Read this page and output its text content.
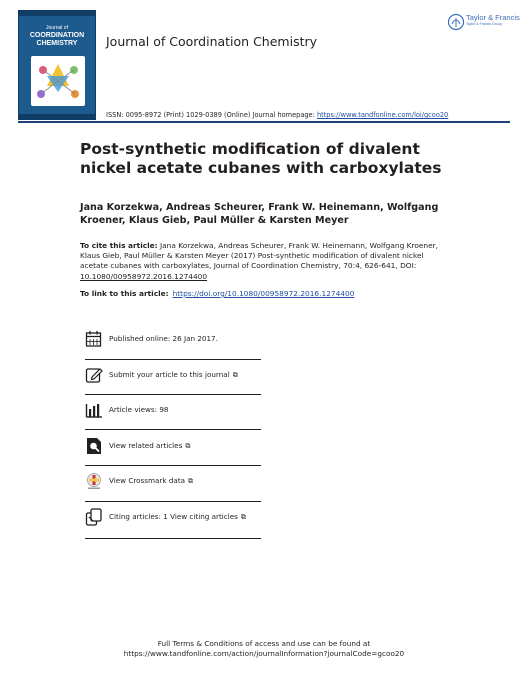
Journal of
COORDINATION
CHEMISTRY	Journal of Coordination Chemistry
Taylor & Francis
Taylor & Francis Group
ISSN: 0095-8972 (Print) 1029-0389 (Online) Journal homepage: https://www.tandfonline.com/loi/gcoo20
Post-synthetic modification of divalent nickel acetate cubanes with carboxylates
Jana Korzekwa, Andreas Scheurer, Frank W. Heinemann, Wolfgang Kroener, Klaus Gieb, Paul Müller & Karsten Meyer
To cite this article: Jana Korzekwa, Andreas Scheurer, Frank W. Heinemann, Wolfgang Kroener, Klaus Gieb, Paul Müller & Karsten Meyer (2017) Post-synthetic modification of divalent nickel acetate cubanes with carboxylates, Journal of Coordination Chemistry, 70:4, 626-641, DOI: 10.1080/00958972.2016.1274400
To link to this article: https://doi.org/10.1080/00958972.2016.1274400
Published online: 26 Jan 2017.
Submit your article to this journal ⧉
Article views: 98
View related articles ⧉
View Crossmark data ⧉
Citing articles: 1 View citing articles ⧉
Full Terms & Conditions of access and use can be found at
https://www.tandfonline.com/action/journalInformation?journalCode=gcoo20
